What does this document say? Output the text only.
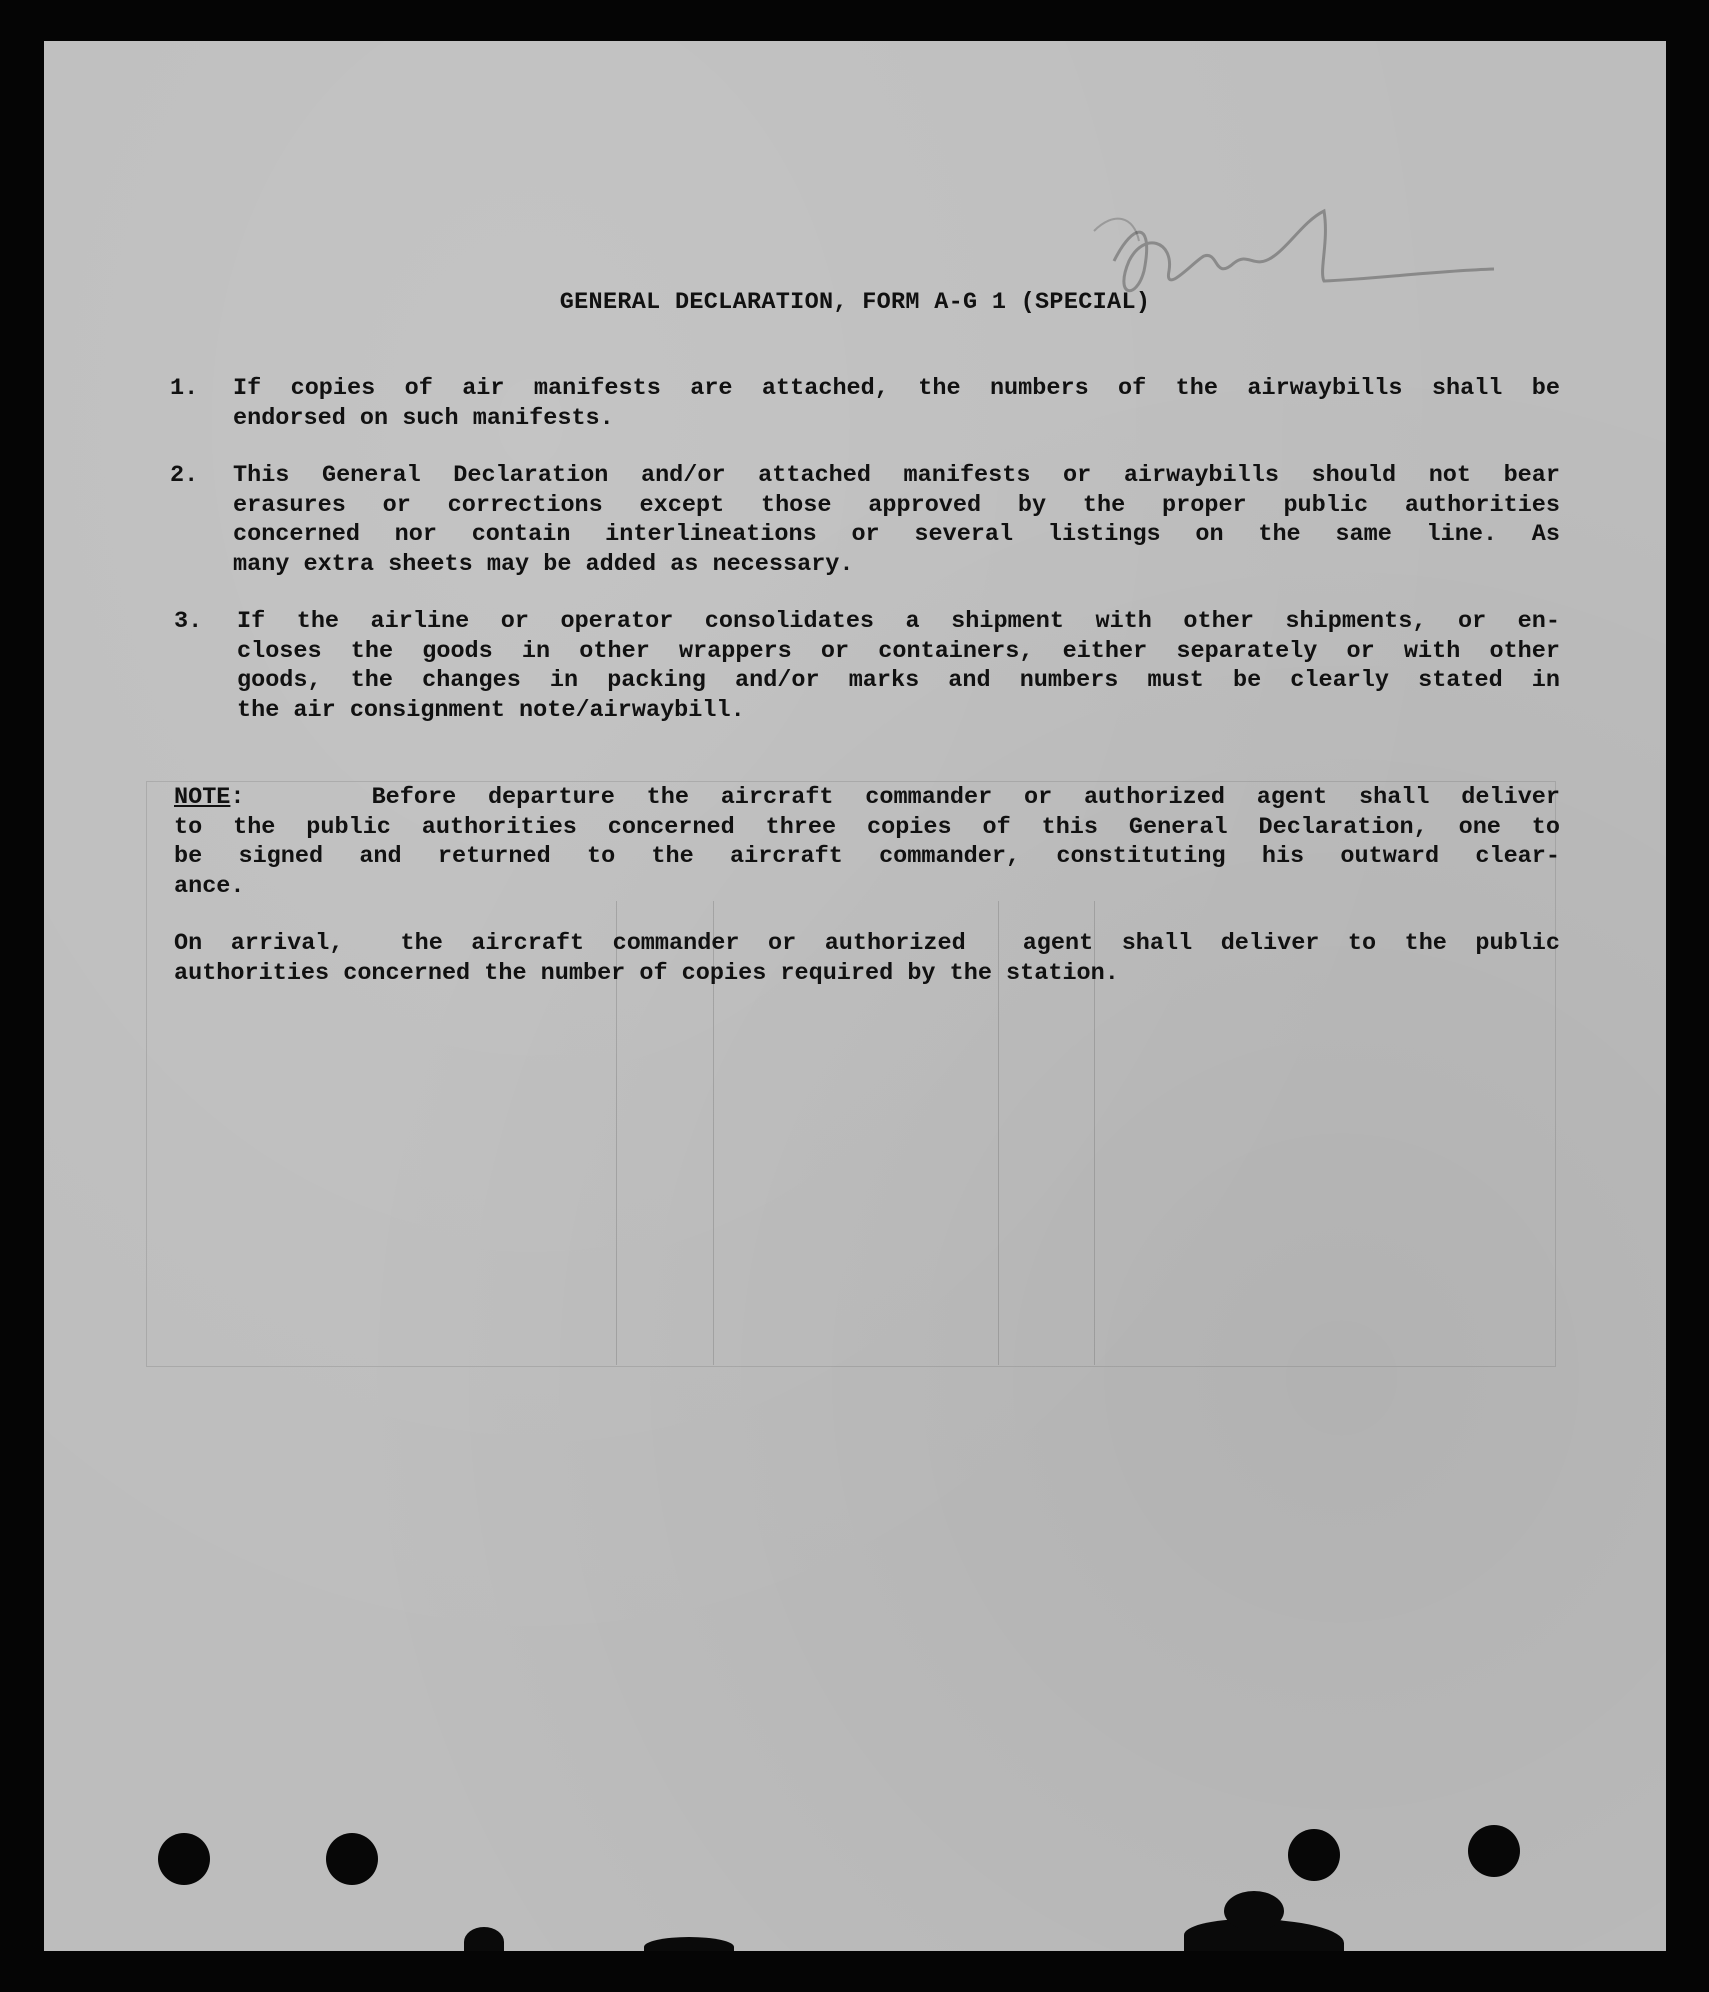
GENERAL DECLARATION, FORM A-G 1 (SPECIAL)
1.	If copies of air manifests are attached, the numbers of the airwaybills shall be
endorsed on such manifests.
2.	This General Declaration and/or attached manifests or airwaybills should not bear
erasures or corrections except those approved by the proper public authorities
concerned nor contain interlineations or several listings on the same line. As
many extra sheets may be added as necessary.
3.	If the airline or operator consolidates a shipment with other shipments, or en-
closes the goods in other wrappers or containers, either separately or with other
goods, the changes in packing and/or marks and numbers must be clearly stated in
the air consignment note/airwaybill.
NOTE:    Before departure the aircraft commander or authorized agent shall deliver
to the public authorities concerned three copies of this General Declaration, one to
be signed and returned to the aircraft commander, constituting his outward clear-
ance.
On arrival,  the aircraft commander or authorized  agent shall deliver to the public
authorities concerned the number of copies required by the station.
